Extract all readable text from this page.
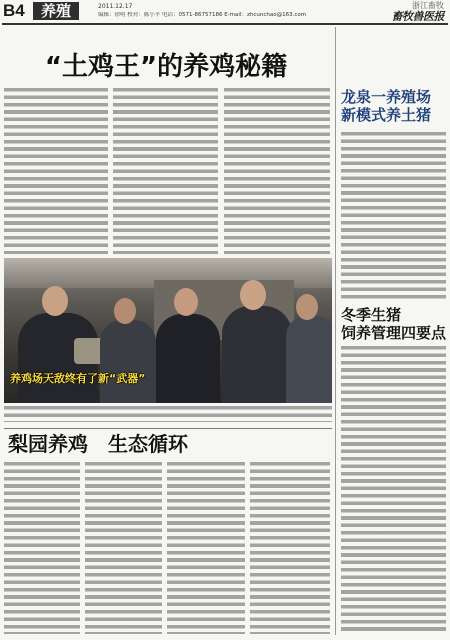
B4	养殖	2011.12.17
编辑：徐明 校对：陈小平 电话：0571-86757186 E-mail：zhcunchao@163.com
浙江畜牧
畜牧兽医报
“土鸡王”的养鸡秘籍
养鸡场天敌终有了新“武器”
梨园养鸡　生态循环
龙泉一养殖场
新模式养土猪
冬季生猪
饲养管理四要点
